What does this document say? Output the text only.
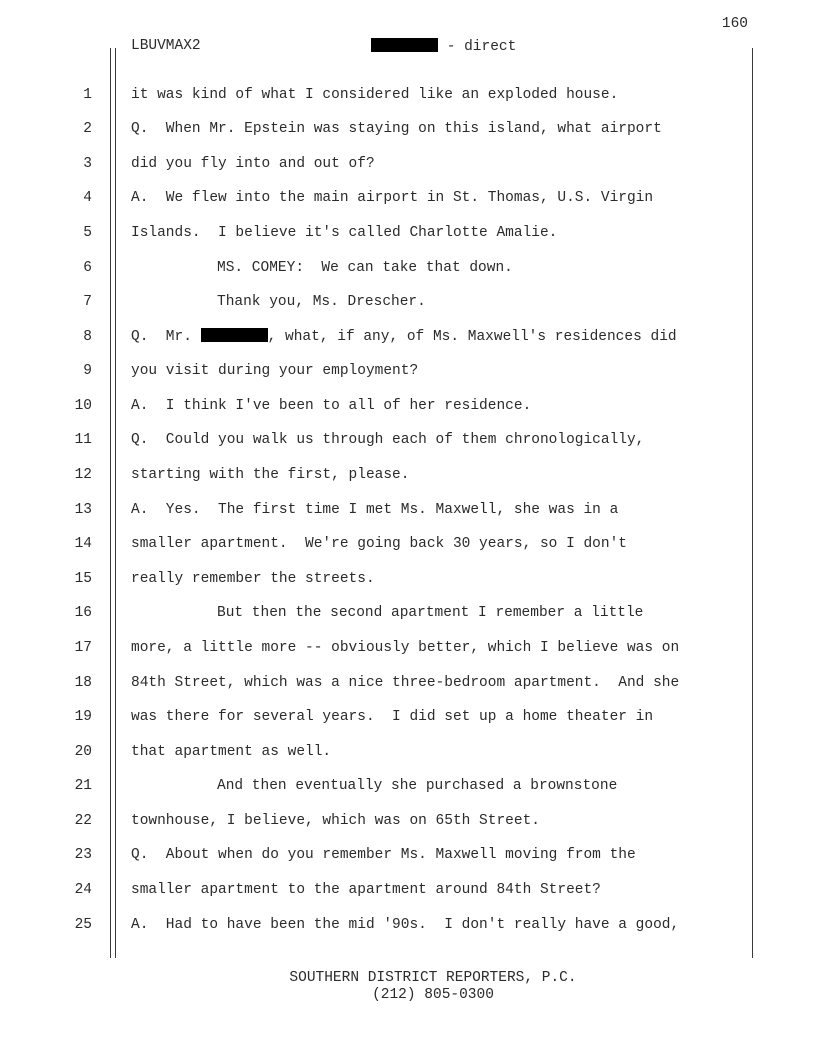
160
LBUVMAX2	- direct
1	it was kind of what I considered like an exploded house.
2	Q.  When Mr. Epstein was staying on this island, what airport
3	did you fly into and out of?
4	A.  We flew into the main airport in St. Thomas, U.S. Virgin
5	Islands.  I believe it's called Charlotte Amalie.
6	MS. COMEY:  We can take that down.
7	Thank you, Ms. Drescher.
8	Q.  Mr.	, what, if any, of Ms. Maxwell's residences did
9	you visit during your employment?
10	A.  I think I've been to all of her residence.
11	Q.  Could you walk us through each of them chronologically,
12	starting with the first, please.
13	A.  Yes.  The first time I met Ms. Maxwell, she was in a
14	smaller apartment.  We're going back 30 years, so I don't
15	really remember the streets.
16	But then the second apartment I remember a little
17	more, a little more -- obviously better, which I believe was on
18	84th Street, which was a nice three-bedroom apartment.  And she
19	was there for several years.  I did set up a home theater in
20	that apartment as well.
21	And then eventually she purchased a brownstone
22	townhouse, I believe, which was on 65th Street.
23	Q.  About when do you remember Ms. Maxwell moving from the
24	smaller apartment to the apartment around 84th Street?
25	A.  Had to have been the mid '90s.  I don't really have a good,
SOUTHERN DISTRICT REPORTERS, P.C.
(212) 805-0300
